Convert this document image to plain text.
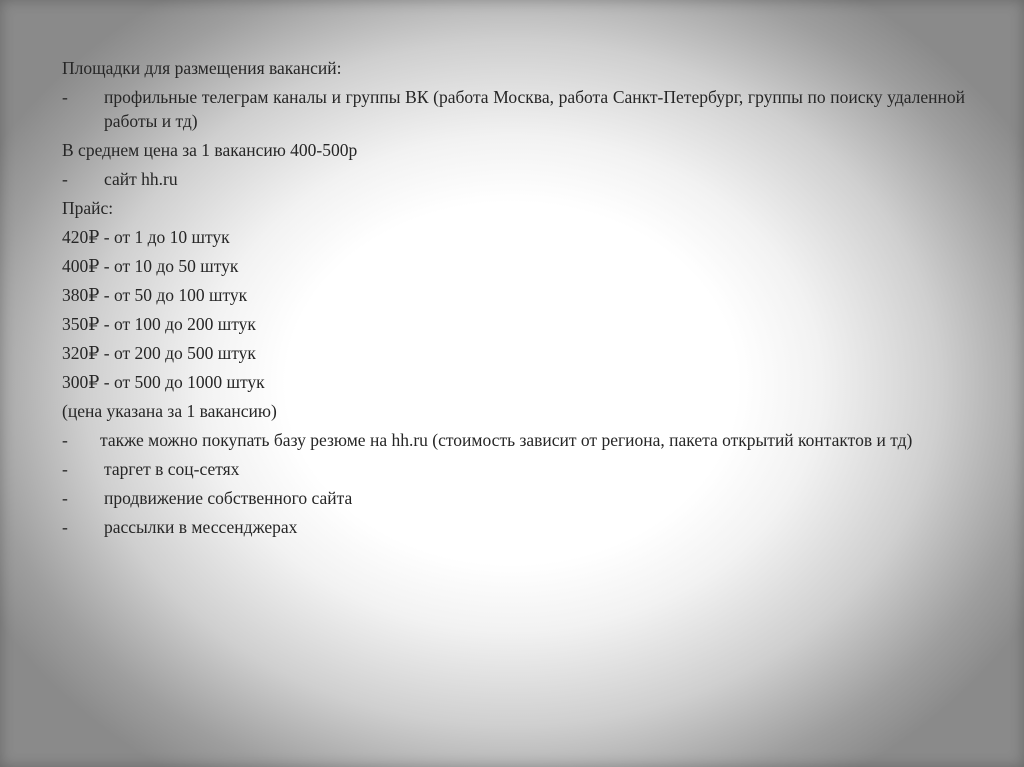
Площадки для размещения вакансий:

- профильные телеграм каналы и группы ВК (работа Москва, работа Санкт-Петербург, группы по поиску удаленной работы и тд)

В среднем цена за 1 вакансию 400-500р

- сайт hh.ru

Прайс:

420₽ - от 1 до 10 штук

400₽ - от 10 до 50 штук

380₽ - от 50 до 100 штук

350₽ - от 100 до 200 штук

320₽ - от 200 до 500 штук

300₽ - от 500 до 1000 штук

(цена указана за 1 вакансию)

- также можно покупать базу резюме на hh.ru (стоимость зависит от региона, пакета открытий контактов и тд)
- таргет в соц-сетях
- продвижение собственного сайта
- рассылки в мессенджерах
